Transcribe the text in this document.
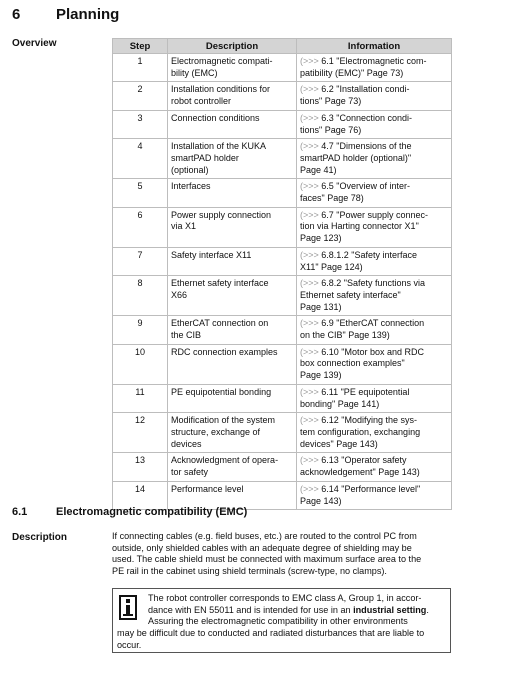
6 Planning
Overview	Step	Description	Information

1	Electromagnetic compati-
bility (EMC)	(>>> 6.1 "Electromagnetic com-
patibility (EMC)" Page 73)

2	Installation conditions for
robot controller	(>>> 6.2 "Installation condi-
tions" Page 73)

3	Connection conditions	(>>> 6.3 "Connection condi-
tions" Page 76)

4	Installation of the KUKA
smartPAD holder
(optional)	(>>> 4.7 "Dimensions of the
smartPAD holder (optional)"
Page 41)

5	Interfaces	(>>> 6.5 "Overview of inter-
faces" Page 78)

6	Power supply connection
via X1	(>>> 6.7 "Power supply connec-
tion via Harting connector X1"
Page 123)

7	Safety interface X11	(>>> 6.8.1.2 "Safety interface
X11" Page 124)

8	Ethernet safety interface
X66	(>>> 6.8.2 "Safety functions via
Ethernet safety interface"
Page 131)

9	EtherCAT connection on
the CIB	(>>> 6.9 "EtherCAT connection
on the CIB" Page 139)

10	RDC connection examples	(>>> 6.10 "Motor box and RDC
box connection examples"
Page 139)

11	PE equipotential bonding	(>>> 6.11 "PE equipotential
bonding" Page 141)

12	Modification of the system
structure, exchange of
devices	(>>> 6.12 "Modifying the sys-
tem configuration, exchanging
devices" Page 143)

13	Acknowledgment of opera-
tor safety	(>>> 6.13 "Operator safety
acknowledgement" Page 143)

14	Performance level	(>>> 6.14 "Performance level"
Page 143)
6.1	Electromagnetic compatibility (EMC)
Description	If connecting cables (e.g. field buses, etc.) are routed to the control PC from
outside, only shielded cables with an adequate degree of shielding may be
used. The cable shield must be connected with maximum surface area to the
PE rail in the cabinet using shield terminals (screw-type, no clamps).

The robot controller corresponds to EMC class A, Group 1, in accor-
dance with EN 55011 and is intended for use in an industrial setting.
Assuring the electromagnetic compatibility in other environments
may be difficult due to conducted and radiated disturbances that are liable to
occur.
